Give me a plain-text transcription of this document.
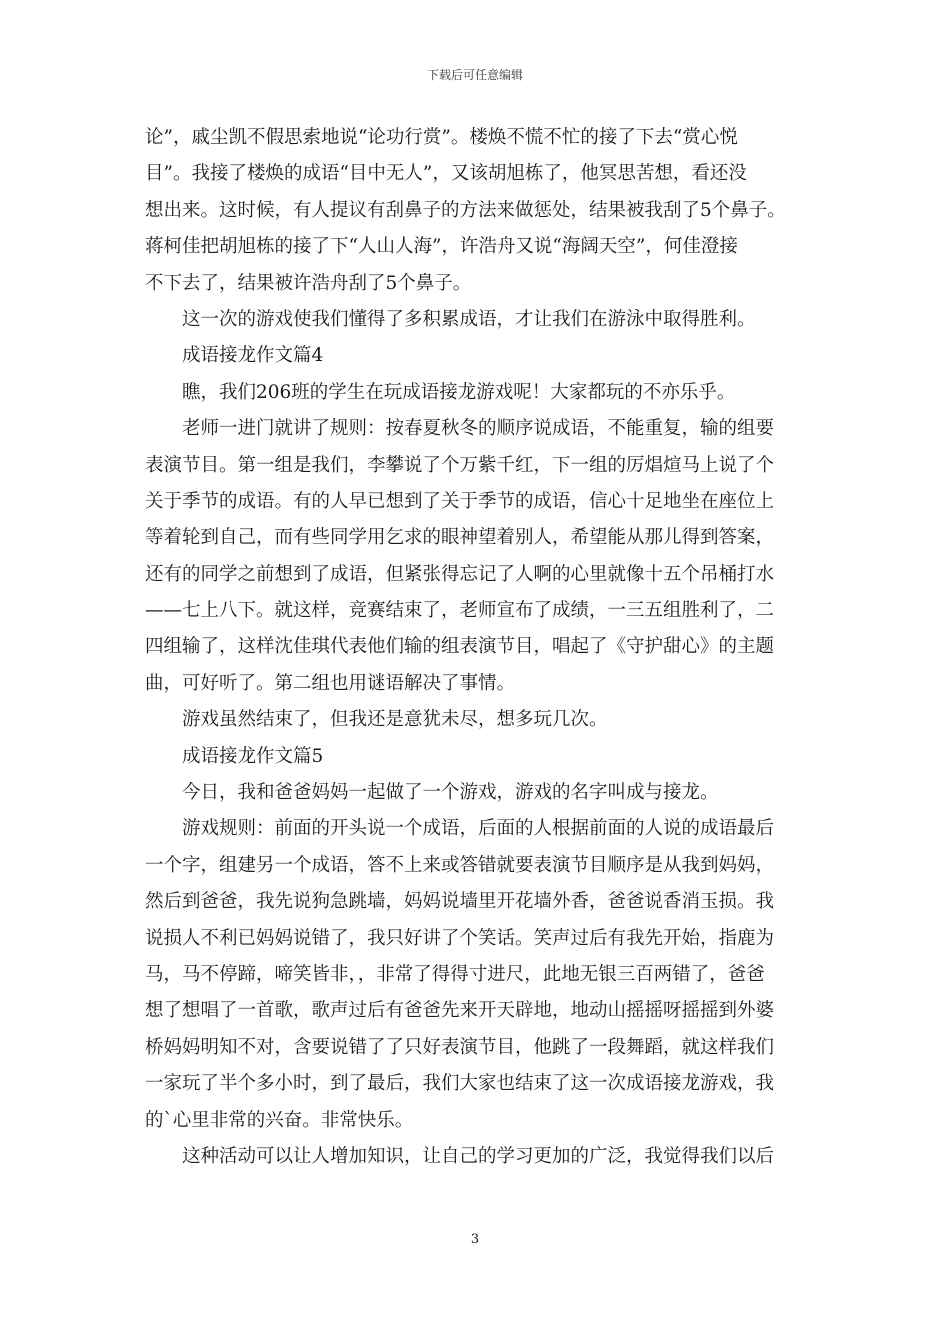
下载后可任意编辑
论”，戚尘凯不假思索地说“论功行赏”。楼焕不慌不忙的接了下去“赏心悦
目”。我接了楼焕的成语“目中无人”，又该胡旭栋了，他冥思苦想，看还没
想出来。这时候，有人提议有刮鼻子的方法来做惩处，结果被我刮了5个鼻子。
蒋柯佳把胡旭栋的接了下“人山人海”，许浩舟又说“海阔天空”，何佳澄接
不下去了，结果被许浩舟刮了5个鼻子。
这一次的游戏使我们懂得了多积累成语，才让我们在游泳中取得胜利。
成语接龙作文篇4
瞧，我们206班的学生在玩成语接龙游戏呢！大家都玩的不亦乐乎。
老师一进门就讲了规则：按春夏秋冬的顺序说成语，不能重复，输的组要
表演节目。第一组是我们，李攀说了个万紫千红，下一组的厉焻煊马上说了个
关于季节的成语。有的人早已想到了关于季节的成语，信心十足地坐在座位上
等着轮到自己，而有些同学用乞求的眼神望着别人，希望能从那儿得到答案，
还有的同学之前想到了成语，但紧张得忘记了人啊的心里就像十五个吊桶打水
——七上八下。就这样，竞赛结束了，老师宣布了成绩，一三五组胜利了，二
四组输了，这样沈佳琪代表他们输的组表演节目，唱起了《守护甜心》的主题
曲，可好听了。第二组也用谜语解决了事情。
游戏虽然结束了，但我还是意犹未尽，想多玩几次。
成语接龙作文篇5
今日，我和爸爸妈妈一起做了一个游戏，游戏的名字叫成与接龙。
游戏规则：前面的开头说一个成语，后面的人根据前面的人说的成语最后
一个字，组建另一个成语，答不上来或答错就要表演节目顺序是从我到妈妈，
然后到爸爸，我先说狗急跳墙，妈妈说墙里开花墙外香，爸爸说香消玉损。我
说损人不利已妈妈说错了，我只好讲了个笑话。笑声过后有我先开始，指鹿为
马，马不停蹄，啼笑皆非，，非常了得得寸进尺，此地无银三百两错了，爸爸
想了想唱了一首歌，歌声过后有爸爸先来开天辟地，地动山摇摇呀摇摇到外婆
桥妈妈明知不对，含要说错了了只好表演节目，他跳了一段舞蹈，就这样我们
一家玩了半个多小时，到了最后，我们大家也结束了这一次成语接龙游戏，我
的`心里非常的兴奋。非常快乐。
这种活动可以让人增加知识，让自己的学习更加的广泛，我觉得我们以后
3
